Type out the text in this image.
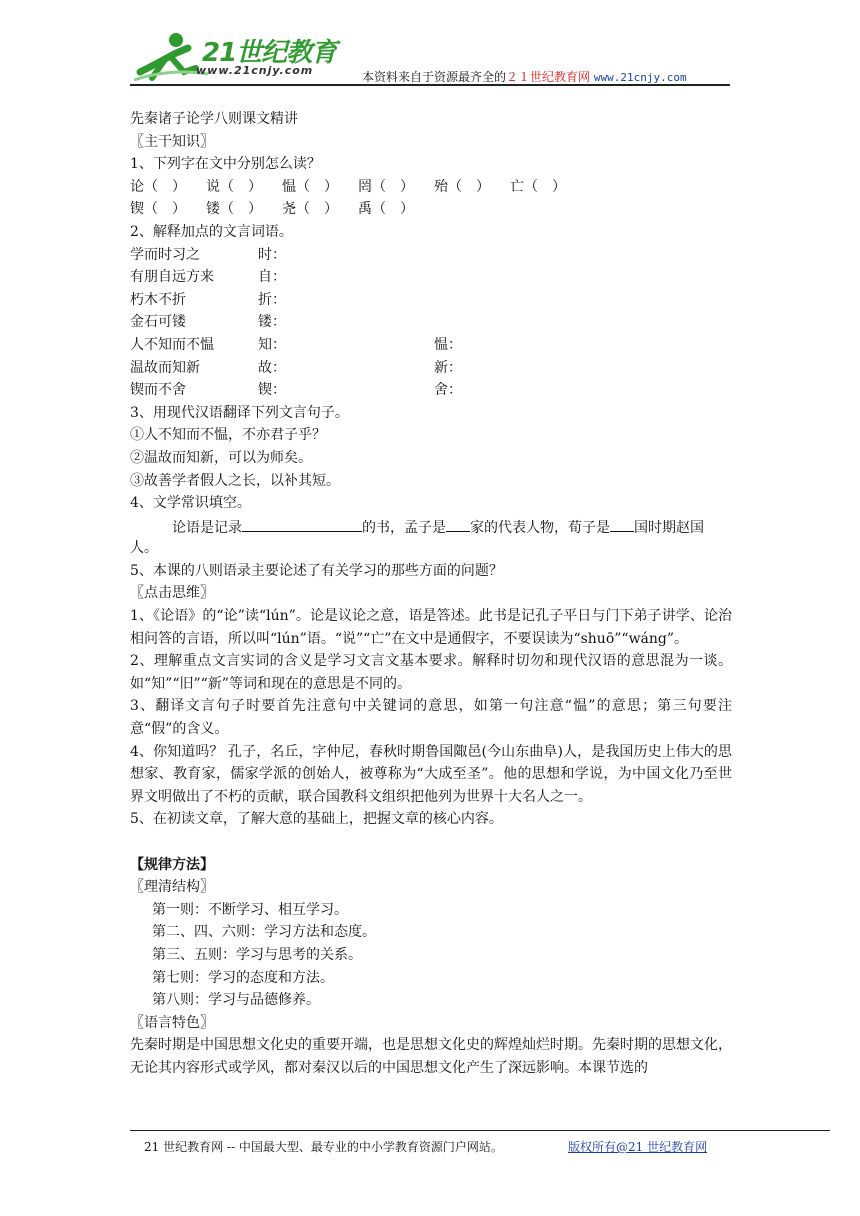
21世纪教育
www.21cnjy.com	本资料来自于资源最齐全的２１世纪教育网 www.21cnjy.com
先秦诸子论学八则课文精讲
〖主干知识〗
1、下列字在文中分别怎么读？
论（　） 说（　） 愠（　） 罔（　） 殆（　） 亡（　）
锲（　） 镂（　） 尧（　） 禹（　）
2、解释加点的文言词语。
学而时习之	时：
有朋自远方来	自：
朽木不折	折：
金石可镂	镂：
人不知而不愠	知：	愠：
温故而知新	故：	新：
锲而不舍	锲：	舍：
3、用现代汉语翻译下列文言句子。
①人不知而不愠，不亦君子乎？
②温故而知新，可以为师矣。
③故善学者假人之长，以补其短。
4、文学常识填空。
论语是记录	的书，孟子是 家的代表人物，荀子是 国时期赵国
人。
5、本课的八则语录主要论述了有关学习的那些方面的问题？
〖点击思维〗
1、《论语》的“论”读“lún”。论是议论之意，语是答述。此书是记孔子平日与门下弟子讲学、论治相问答的言语，所以叫“lún”语。“说”“亡”在文中是通假字，不要误读为“shuō”“wáng”。
2、理解重点文言实词的含义是学习文言文基本要求。解释时切勿和现代汉语的意思混为一谈。如“知”“旧”“新”等词和现在的意思是不同的。
3、翻译文言句子时要首先注意句中关键词的意思，如第一句注意“愠”的意思；第三句要注意“假”的含义。
4、你知道吗？ 孔子，名丘，字仲尼，春秋时期鲁国陬邑(今山东曲阜)人，是我国历史上伟大的思想家、教育家，儒家学派的创始人，被尊称为“大成至圣”。他的思想和学说，为中国文化乃至世界文明做出了不朽的贡献，联合国教科文组织把他列为世界十大名人之一。
5、在初读文章，了解大意的基础上，把握文章的核心内容。
【规律方法】
〖理清结构〗
第一则：不断学习、相互学习。
第二、四、六则：学习方法和态度。
第三、五则：学习与思考的关系。
第七则：学习的态度和方法。
第八则：学习与品德修养。
〖语言特色〗
先秦时期是中国思想文化史的重要开端，也是思想文化史的辉煌灿烂时期。先秦时期的思想文化，无论其内容形式或学风，都对秦汉以后的中国思想文化产生了深远影响。本课节选的
21 世纪教育网 -- 中国最大型、最专业的中小学教育资源门户网站。	版权所有@21 世纪教育网
